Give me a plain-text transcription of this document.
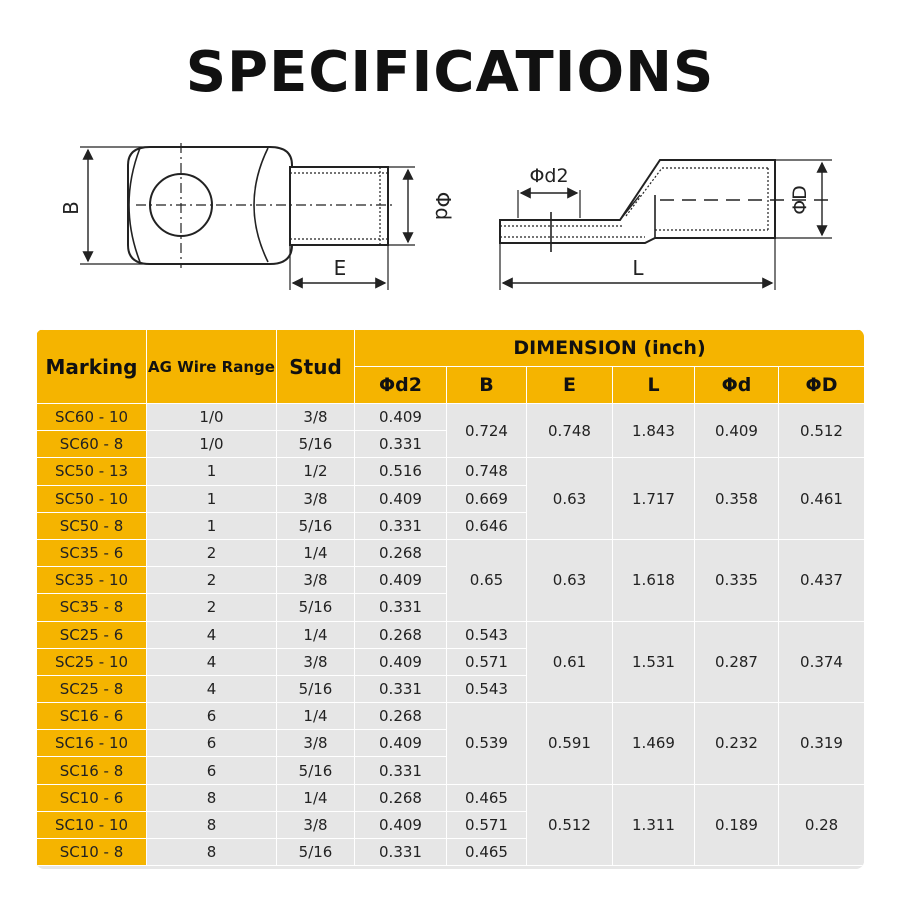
SPECIFICATIONS
B	Φd
E
Φd2
ΦD
L
Marking	AG Wire Range	Stud	DIMENSION (inch)					
			Φd2	B	E	L	Φd	ΦD
SC60 - 10	1/0	3/8	0.409	0.724	0.748	1.843	0.409	0.512
SC60 - 8	1/0	5/16	0.331					
SC50 - 13	1	1/2	0.516	0.748	0.63	1.717	0.358	0.461
SC50 - 10	1	3/8	0.409	0.669				
SC50 - 8	1	5/16	0.331	0.646				
SC35 - 6	2	1/4	0.268	0.65	0.63	1.618	0.335	0.437
SC35 - 10	2	3/8	0.409					
SC35 - 8	2	5/16	0.331					
SC25 - 6	4	1/4	0.268	0.543	0.61	1.531	0.287	0.374
SC25 - 10	4	3/8	0.409	0.571				
SC25 - 8	4	5/16	0.331	0.543				
SC16 - 6	6	1/4	0.268	0.539	0.591	1.469	0.232	0.319
SC16 - 10	6	3/8	0.409					
SC16 - 8	6	5/16	0.331					
SC10 - 6	8	1/4	0.268	0.465	0.512	1.311	0.189	0.28
SC10 - 10	8	3/8	0.409	0.571				
SC10 - 8	8	5/16	0.331	0.465				
